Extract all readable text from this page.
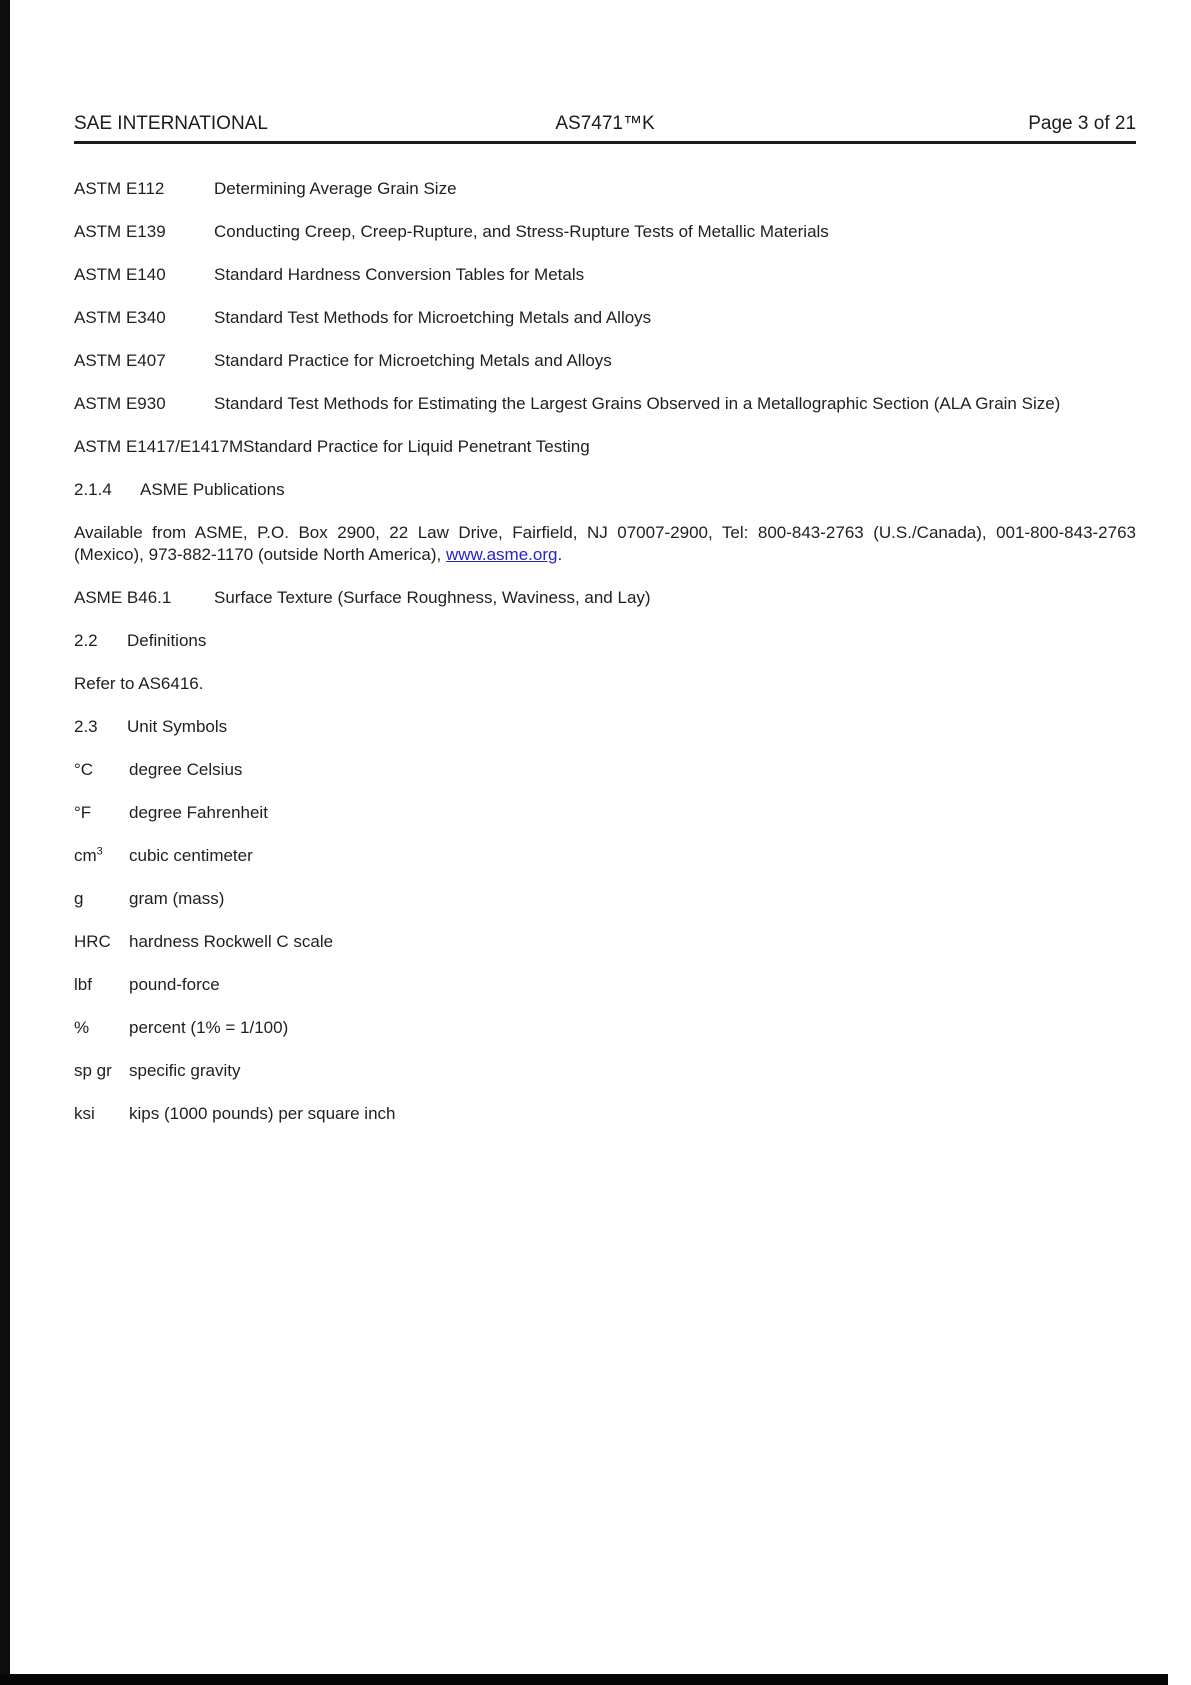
SAE INTERNATIONAL	AS7471™K	Page 3 of 21
ASTM E112	Determining Average Grain Size
ASTM E139	Conducting Creep, Creep-Rupture, and Stress-Rupture Tests of Metallic Materials
ASTM E140	Standard Hardness Conversion Tables for Metals
ASTM E340	Standard Test Methods for Microetching Metals and Alloys
ASTM E407	Standard Practice for Microetching Metals and Alloys
ASTM E930	Standard Test Methods for Estimating the Largest Grains Observed in a Metallographic Section (ALA Grain Size)
ASTM E1417/E1417M Standard Practice for Liquid Penetrant Testing
2.1.4	ASME Publications

Available from ASME, P.O. Box 2900, 22 Law Drive, Fairfield, NJ 07007-2900, Tel: 800-843-2763 (U.S./Canada), 001-800-843-2763 (Mexico), 973-882-1170 (outside North America), www.asme.org.

ASME B46.1	Surface Texture (Surface Roughness, Waviness, and Lay)
2.2	Definitions
Refer to AS6416.
2.3	Unit Symbols
°C	degree Celsius
°F	degree Fahrenheit
$cm^3$	cubic centimeter
g	gram (mass)
HRC	hardness Rockwell C scale
lbf	pound-force
%	percent (1% = 1/100)
sp gr	specific gravity
ksi	kips (1000 pounds) per square inch
